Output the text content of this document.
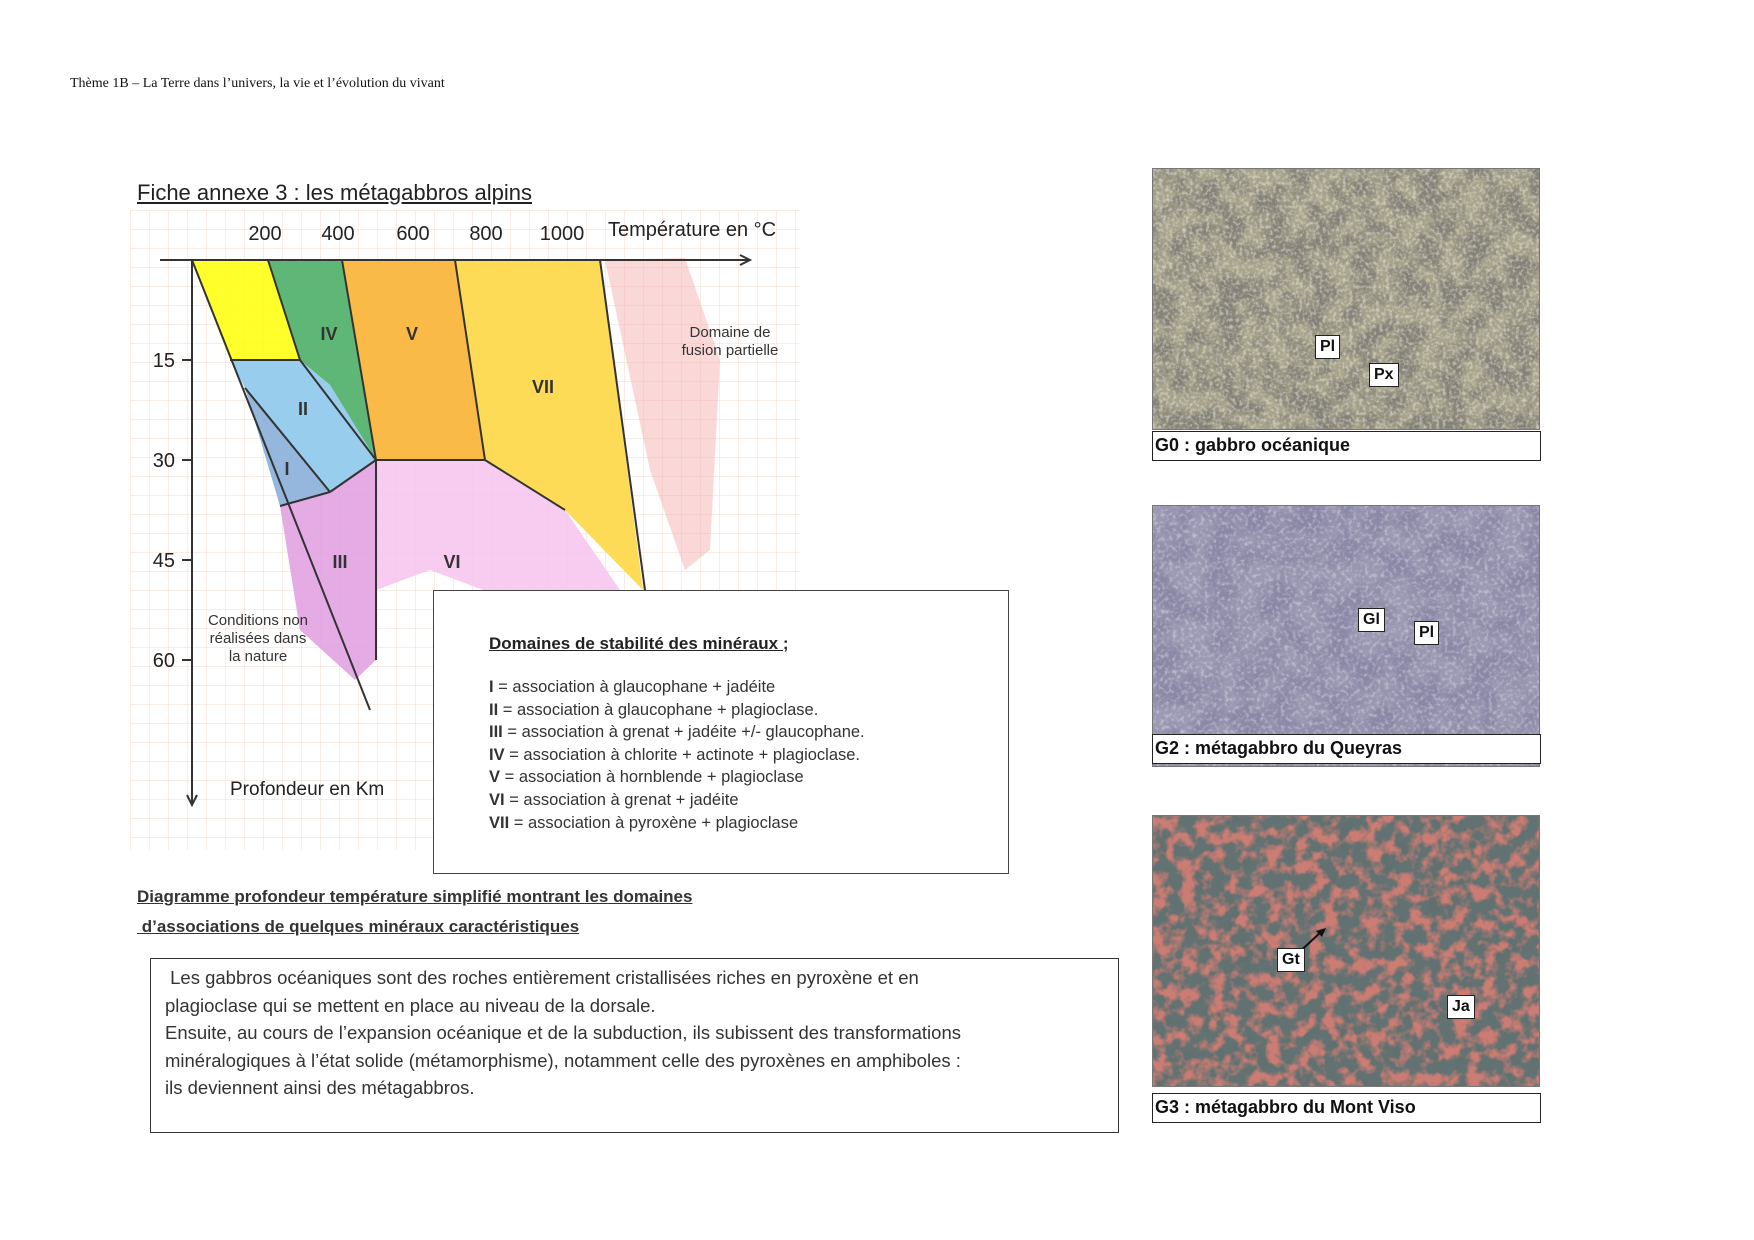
Thème 1B – La Terre dans l’univers, la vie et l’évolution du vivant
Fiche annexe 3 : les métagabbros alpins
200 400 600 800 1000 Température en °C
15
30
45
60
Profondeur en Km
I
II
III
IV	V
VI
VII
Domaine de
fusion partielle
Conditions non
réalisées dans
la nature
Domaines de stabilité des minéraux ;
I = association à glaucophane + jadéite
II = association à glaucophane + plagioclase.
III = association à grenat + jadéite +/- glaucophane.
IV = association à chlorite + actinote + plagioclase.
V = association à hornblende + plagioclase
VI = association à grenat + jadéite
VII = association à pyroxène + plagioclase
Diagramme profondeur température simplifié montrant les domaines
d’associations de quelques minéraux caractéristiques

Les gabbros océaniques sont des roches entièrement cristallisées riches en pyroxène et en

plagioclase qui se mettent en place au niveau de la dorsale.

Ensuite, au cours de l’expansion océanique et de la subduction, ils subissent des transformations

minéralogiques à l’état solide (métamorphisme), notamment celle des pyroxènes en amphiboles :

ils deviennent ainsi des métagabbros.

Pl
Px
G0 : gabbro océanique
Gl
Pl
G2 : métagabbro du Queyras
Gt
Ja
G3 : métagabbro du Mont Viso
